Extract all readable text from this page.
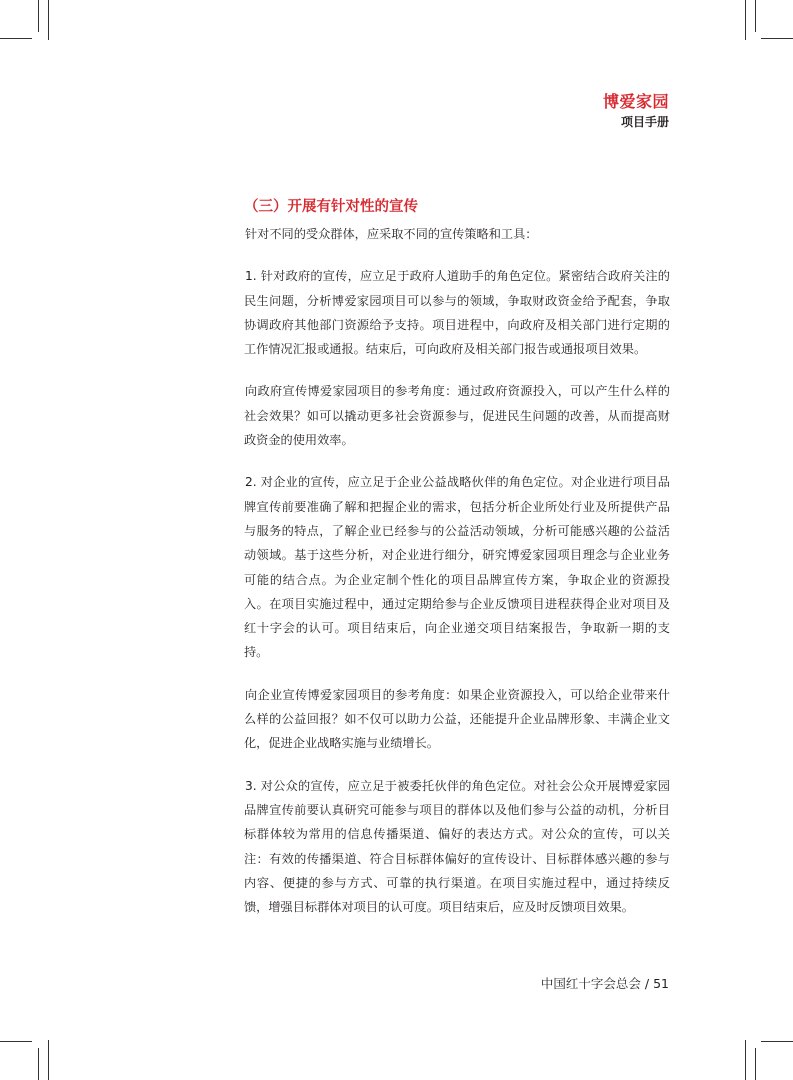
博爱家园
项目手册
（三）开展有针对性的宣传

针对不同的受众群体，应采取不同的宣传策略和工具：

1. 针对政府的宣传，应立足于政府人道助手的角色定位。紧密结合政府关注的民生问题，分析博爱家园项目可以参与的领域，争取财政资金给予配套，争取协调政府其他部门资源给予支持。项目进程中，向政府及相关部门进行定期的工作情况汇报或通报。结束后，可向政府及相关部门报告或通报项目效果。

向政府宣传博爱家园项目的参考角度：通过政府资源投入，可以产生什么样的社会效果？如可以撬动更多社会资源参与，促进民生问题的改善，从而提高财政资金的使用效率。

2. 对企业的宣传，应立足于企业公益战略伙伴的角色定位。对企业进行项目品牌宣传前要准确了解和把握企业的需求，包括分析企业所处行业及所提供产品与服务的特点，了解企业已经参与的公益活动领域，分析可能感兴趣的公益活动领域。基于这些分析，对企业进行细分，研究博爱家园项目理念与企业业务可能的结合点。为企业定制个性化的项目品牌宣传方案，争取企业的资源投入。在项目实施过程中，通过定期给参与企业反馈项目进程获得企业对项目及红十字会的认可。项目结束后，向企业递交项目结案报告，争取新一期的支持。

向企业宣传博爱家园项目的参考角度：如果企业资源投入，可以给企业带来什么样的公益回报？如不仅可以助力公益，还能提升企业品牌形象、丰满企业文化，促进企业战略实施与业绩增长。

3. 对公众的宣传，应立足于被委托伙伴的角色定位。对社会公众开展博爱家园品牌宣传前要认真研究可能参与项目的群体以及他们参与公益的动机，分析目标群体较为常用的信息传播渠道、偏好的表达方式。对公众的宣传，可以关注：有效的传播渠道、符合目标群体偏好的宣传设计、目标群体感兴趣的参与内容、便捷的参与方式、可靠的执行渠道。在项目实施过程中，通过持续反馈，增强目标群体对项目的认可度。项目结束后，应及时反馈项目效果。

中国红十字会总会 / 51
